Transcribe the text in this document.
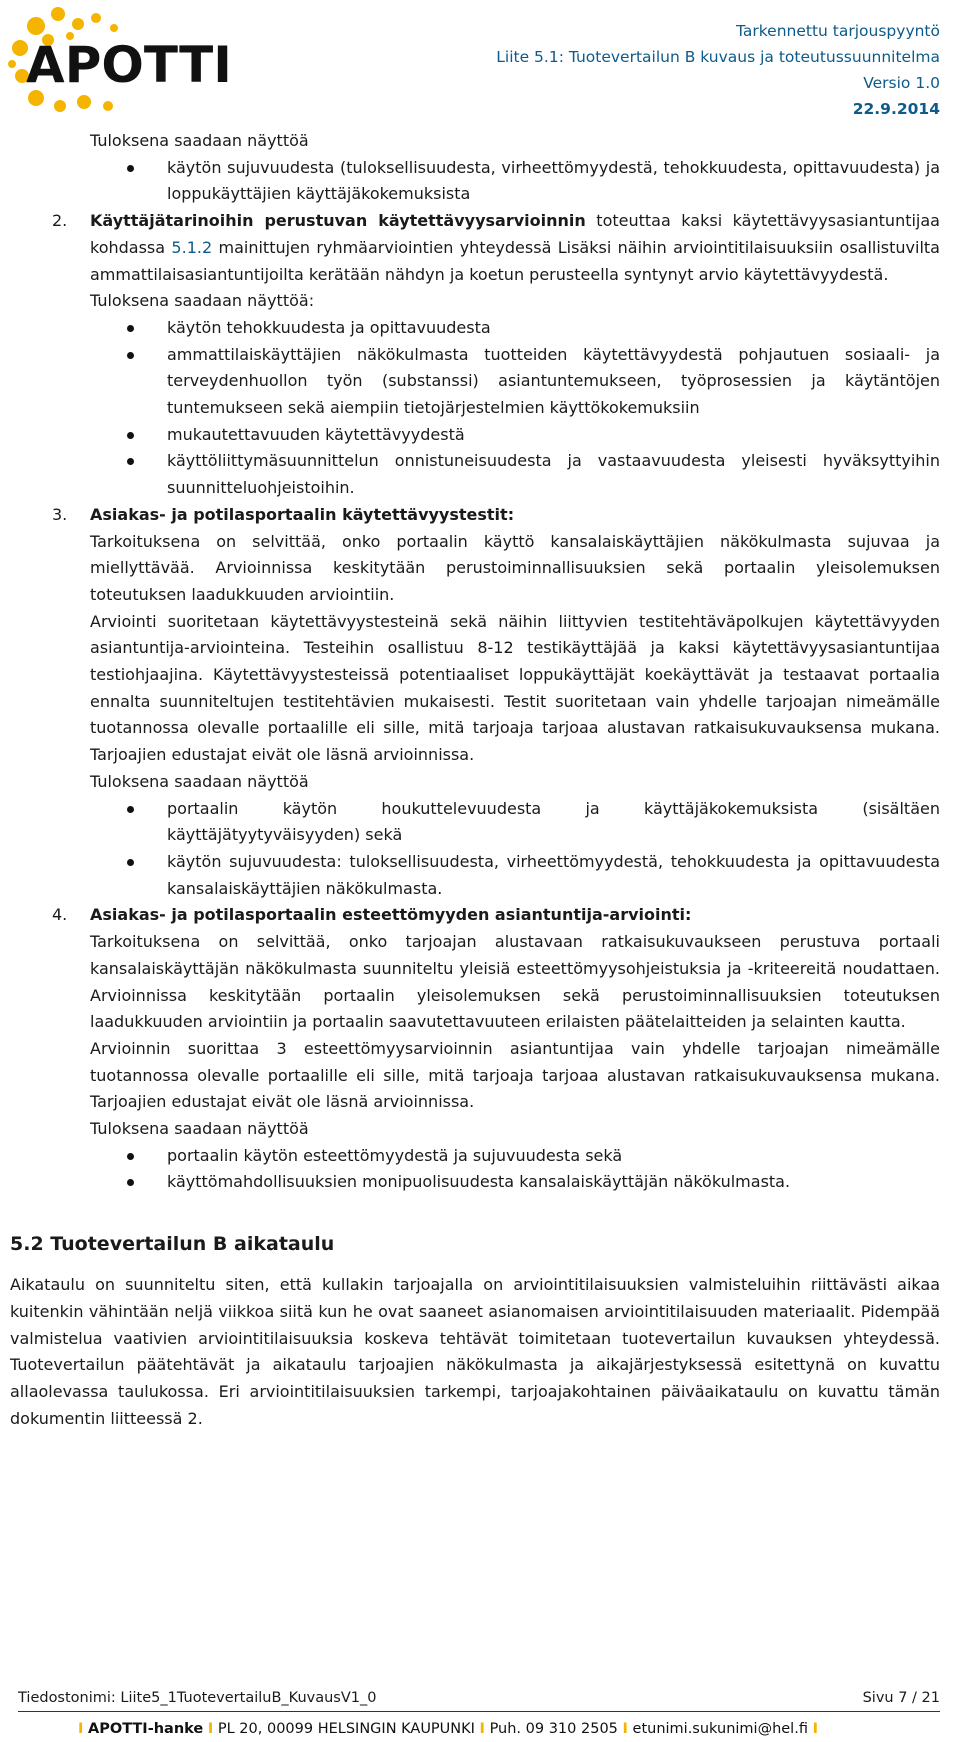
APOTTI
Tarkennettu tarjouspyyntö
Liite 5.1: Tuotevertailun B kuvaus ja toteutussuunnitelma
Versio 1.0
22.9.2014

Tuloksena saadaan näyttöä

käytön sujuvuudesta (tuloksellisuudesta, virheettömyydestä, tehokkuudesta, opittavuudesta) ja loppukäyttäjien käyttäjäkokemuksista
2. Käyttäjätarinoihin perustuvan käytettävyysarvioinnin toteuttaa kaksi käytettävyysasiantuntijaa kohdassa 5.1.2 mainittujen ryhmäarviointien yhteydessä Lisäksi näihin arviointitilaisuuksiin osallistuvilta ammattilaisasiantuntijoilta kerätään nähdyn ja koetun perusteella syntynyt arvio käytettävyydestä.

Tuloksena saadaan näyttöä:

käytön tehokkuudesta ja opittavuudesta
ammattilaiskäyttäjien näkökulmasta tuotteiden käytettävyydestä pohjautuen sosiaali- ja terveydenhuollon työn (substanssi) asiantuntemukseen, työprosessien ja käytäntöjen tuntemukseen sekä aiempiin tietojärjestelmien käyttökokemuksiin
mukautettavuuden käytettävyydestä
käyttöliittymäsuunnittelun onnistuneisuudesta ja vastaavuudesta yleisesti hyväksyttyihin suunnitteluohjeistoihin.
3. Asiakas- ja potilasportaalin käytettävyystestit:

Tarkoituksena on selvittää, onko portaalin käyttö kansalaiskäyttäjien näkökulmasta sujuvaa ja miellyttävää. Arvioinnissa keskitytään perustoiminnallisuuksien sekä portaalin yleisolemuksen toteutuksen laadukkuuden arviointiin.

Arviointi suoritetaan käytettävyystesteinä sekä näihin liittyvien testitehtäväpolkujen käytettävyyden asiantuntija-arviointeina. Testeihin osallistuu 8-12 testikäyttäjää ja kaksi käytettävyysasiantuntijaa testiohjaajina. Käytettävyystesteissä potentiaaliset loppukäyttäjät koekäyttävät ja testaavat portaalia ennalta suunniteltujen testitehtävien mukaisesti. Testit suoritetaan vain yhdelle tarjoajan nimeämälle tuotannossa olevalle portaalille eli sille, mitä tarjoaja tarjoaa alustavan ratkaisukuvauksensa mukana. Tarjoajien edustajat eivät ole läsnä arvioinnissa.

Tuloksena saadaan näyttöä

portaalin käytön houkuttelevuudesta ja käyttäjäkokemuksista (sisältäen käyttäjätyytyväisyyden) sekä
käytön sujuvuudesta: tuloksellisuudesta, virheettömyydestä, tehokkuudesta ja opittavuudesta kansalaiskäyttäjien näkökulmasta.
4. Asiakas- ja potilasportaalin esteettömyyden asiantuntija-arviointi:

Tarkoituksena on selvittää, onko tarjoajan alustavaan ratkaisukuvaukseen perustuva portaali kansalaiskäyttäjän näkökulmasta suunniteltu yleisiä esteettömyysohjeistuksia ja -kriteereitä noudattaen. Arvioinnissa keskitytään portaalin yleisolemuksen sekä perustoiminnallisuuksien toteutuksen laadukkuuden arviointiin ja portaalin saavutettavuuteen erilaisten päätelaitteiden ja selainten kautta.

Arvioinnin suorittaa 3 esteettömyysarvioinnin asiantuntijaa vain yhdelle tarjoajan nimeämälle tuotannossa olevalle portaalille eli sille, mitä tarjoaja tarjoaa alustavan ratkaisukuvauksensa mukana. Tarjoajien edustajat eivät ole läsnä arvioinnissa.

Tuloksena saadaan näyttöä

portaalin käytön esteettömyydestä ja sujuvuudesta sekä
käyttömahdollisuuksien monipuolisuudesta kansalaiskäyttäjän näkökulmasta.
5.2 Tuotevertailun B aikataulu

Aikataulu on suunniteltu siten, että kullakin tarjoajalla on arviointitilaisuuksien valmisteluihin riittävästi aikaa kuitenkin vähintään neljä viikkoa siitä kun he ovat saaneet asianomaisen arviointitilaisuuden materiaalit. Pidempää valmistelua vaativien arviointitilaisuuksia koskeva tehtävät toimitetaan tuotevertailun kuvauksen yhteydessä. Tuotevertailun päätehtävät ja aikataulu tarjoajien näkökulmasta ja aikajärjestyksessä esitettynä on kuvattu allaolevassa taulukossa. Eri arviointitilaisuuksien tarkempi, tarjoajakohtainen päiväaikataulu on kuvattu tämän dokumentin liitteessä 2.

Tiedostonimi: Liite5_1TuotevertailuB_KuvausV1_0	Sivu 7 / 21
I APOTTI-hanke I PL 20, 00099 HELSINGIN KAUPUNKI I Puh. 09 310 2505 I etunimi.sukunimi@hel.fi I
